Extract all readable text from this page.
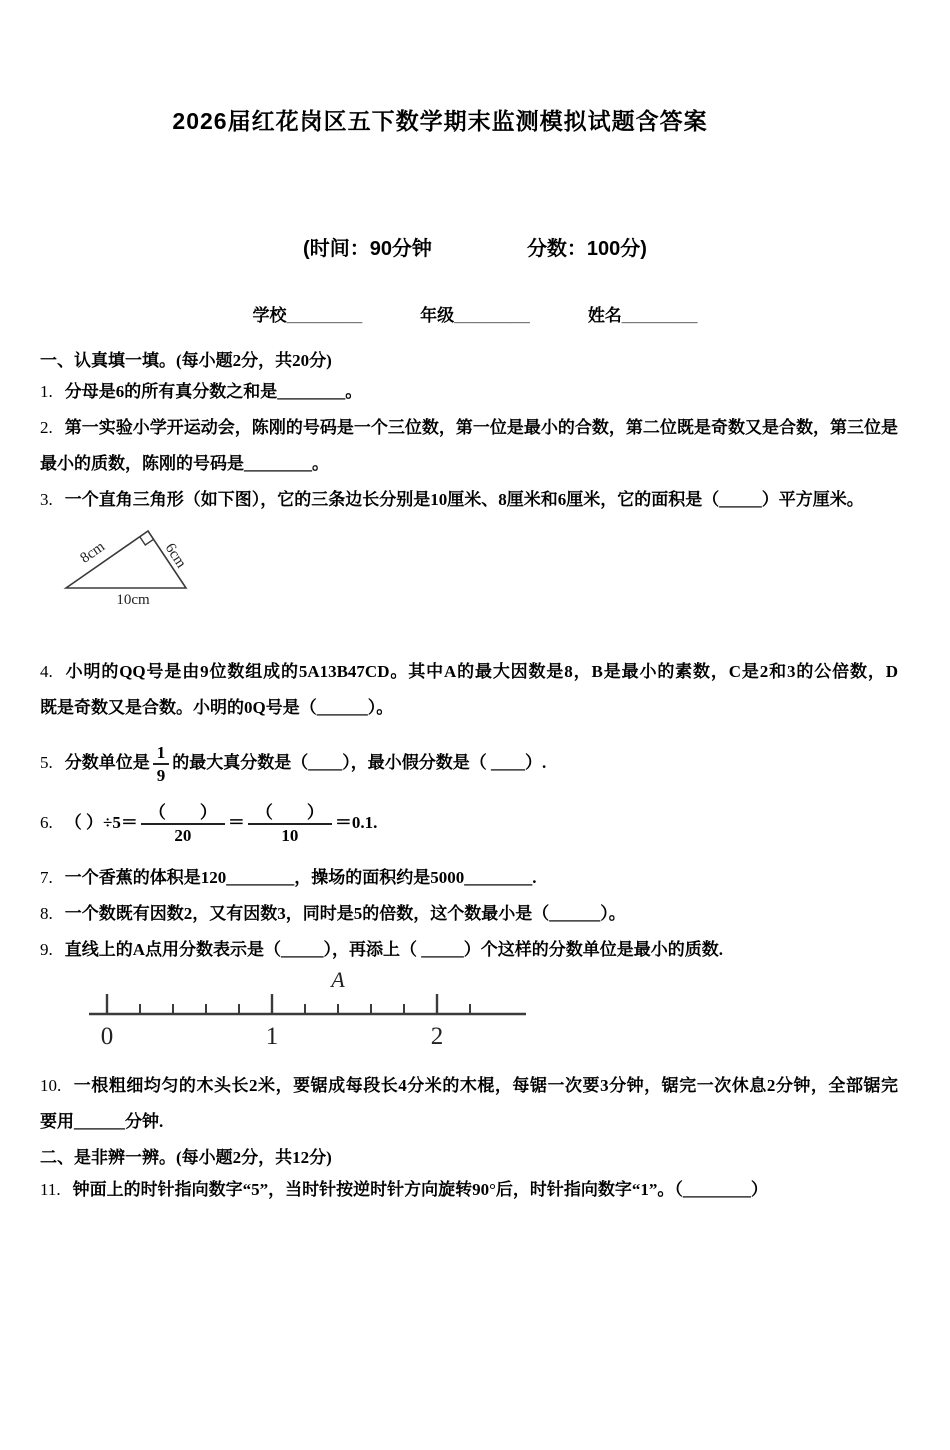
2026届红花岗区五下数学期末监测模拟试题含答案
(时间：90分钟	分数：100分)
学校________	年级________	姓名________
一、认真填一填。(每小题2分，共20分)

1. 分母是6的所有真分数之和是________。

2. 第一实验小学开运动会，陈刚的号码是一个三位数，第一位是最小的合数，第二位既是奇数又是合数，第三位是
最小的质数，陈刚的号码是________。

3. 一个直角三角形（如下图），它的三条边长分别是10厘米、8厘米和6厘米，它的面积是（_____）平方厘米。

8cm	6cm
10cm
4. 小明的QQ号是由9位数组成的5A13B47CD。其中A的最大因数是8，B是最小的素数，C是2和3的公倍数，D
既是奇数又是合数。小明的0Q号是（______）。

5. 分数单位是 $\frac{1}{9}$ 的最大真分数是（____），最小假分数是（ ____）.

6. （ ）$\div 5= \frac{( )}{20} = \frac{( )}{10} =0.1$.

7. 一个香蕉的体积是120________，操场的面积约是5000________.

8. 一个数既有因数2，又有因数3，同时是5的倍数，这个数最小是（______）。

9. 直线上的A点用分数表示是（_____），再添上（ _____）个这样的分数单位是最小的质数.

0	1	2
A
10. 一根粗细均匀的木头长2米，要锯成每段长4分米的木棍，每锯一次要3分钟，锯完一次休息2分钟，全部锯完
要用______分钟.
二、是非辨一辨。(每小题2分，共12分)

11. 钟面上的时针指向数字“5”，当时针按逆时针方向旋转90°后，时针指向数字“1”。（________）
